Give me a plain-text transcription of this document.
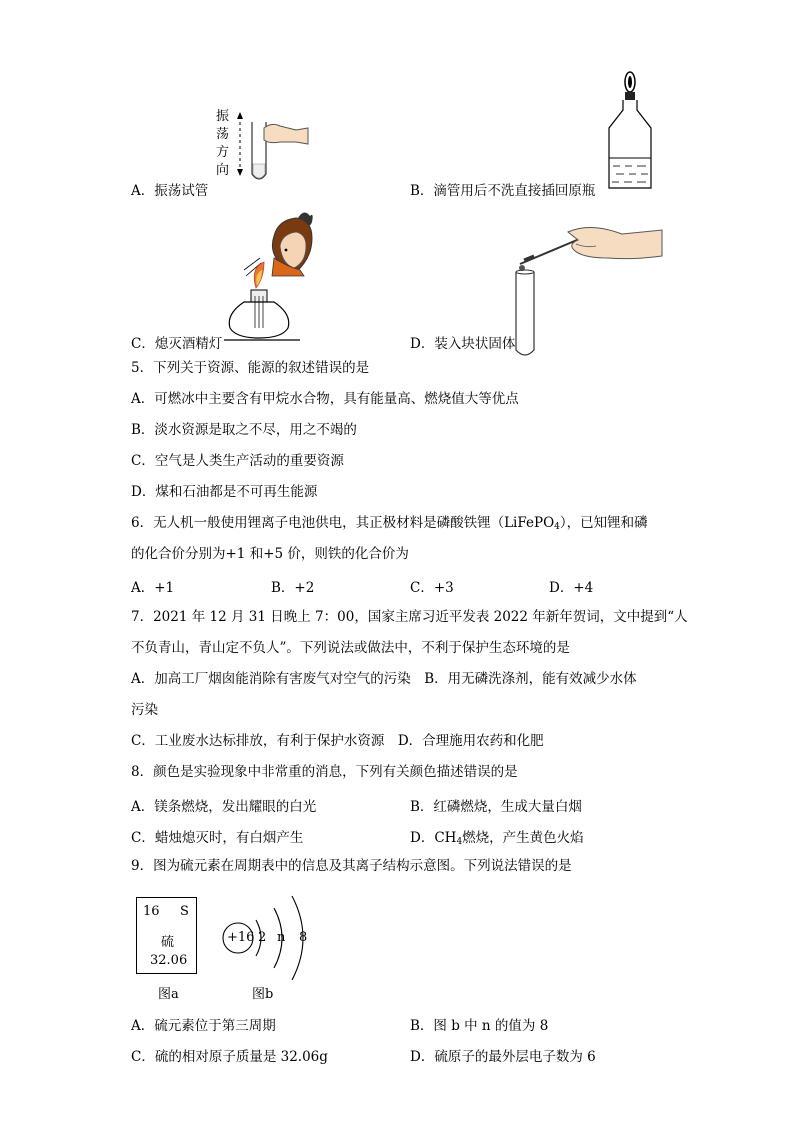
振
荡
方
向
A．振荡试管	B．滴管用后不洗直接插回原瓶
C．熄灭酒精灯	D．装入块状固体
5．下列关于资源、能源的叙述错误的是
A．可燃冰中主要含有甲烷水合物，具有能量高、燃烧值大等优点
B．淡水资源是取之不尽，用之不竭的
C．空气是人类生产活动的重要资源
D．煤和石油都是不可再生能源
6．无人机一般使用锂离子电池供电，其正极材料是磷酸铁锂（LiFePO$_4$），已知锂和磷
的化合价分别为+1 和+5 价，则铁的化合价为
A．+1	B．+2	C．+3	D．+4
7．2021 年 12 月 31 日晚上 7：00，国家主席习近平发表 2022 年新年贺词，文中提到“人
不负青山，青山定不负人”。下列说法或做法中，不利于保护生态环境的是
A．加高工厂烟囱能消除有害废气对空气的污染　B．用无磷洗涤剂，能有效减少水体
污染
C．工业废水达标排放，有利于保护水资源　D．合理施用农药和化肥
8．颜色是实验现象中非常重的消息，下列有关颜色描述错误的是
A．镁条燃烧，发出耀眼的白光	B．红磷燃烧，生成大量白烟
C．蜡烛熄灭时，有白烟产生	D．$CH_4$燃烧，产生黄色火焰
9．图为硫元素在周期表中的信息及其离子结构示意图。下列说法错误的是
16 S
硫
32.06
图a
+16 2 n 8
图b
A．硫元素位于第三周期	B．图 b 中 n 的值为 8
C．硫的相对原子质量是 32.06g	D．硫原子的最外层电子数为 6
